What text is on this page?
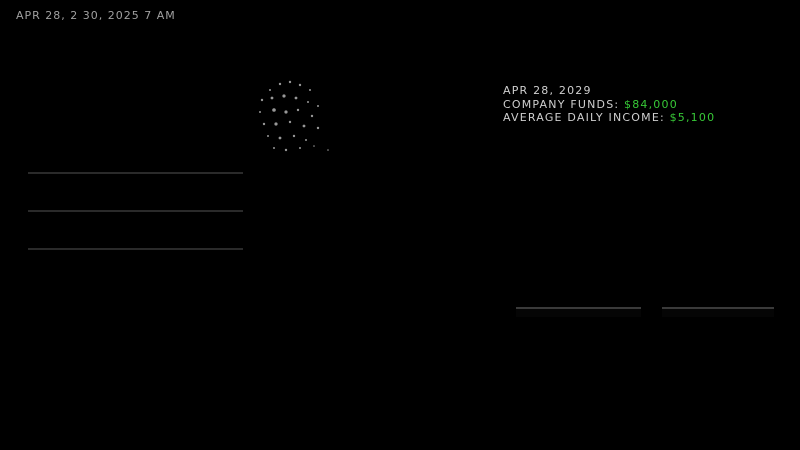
APR 28, 2 30, 2025 7 AM
APR 28, 2029
COMPANY FUNDS: $84,000
AVERAGE DAILY INCOME: $5,100
